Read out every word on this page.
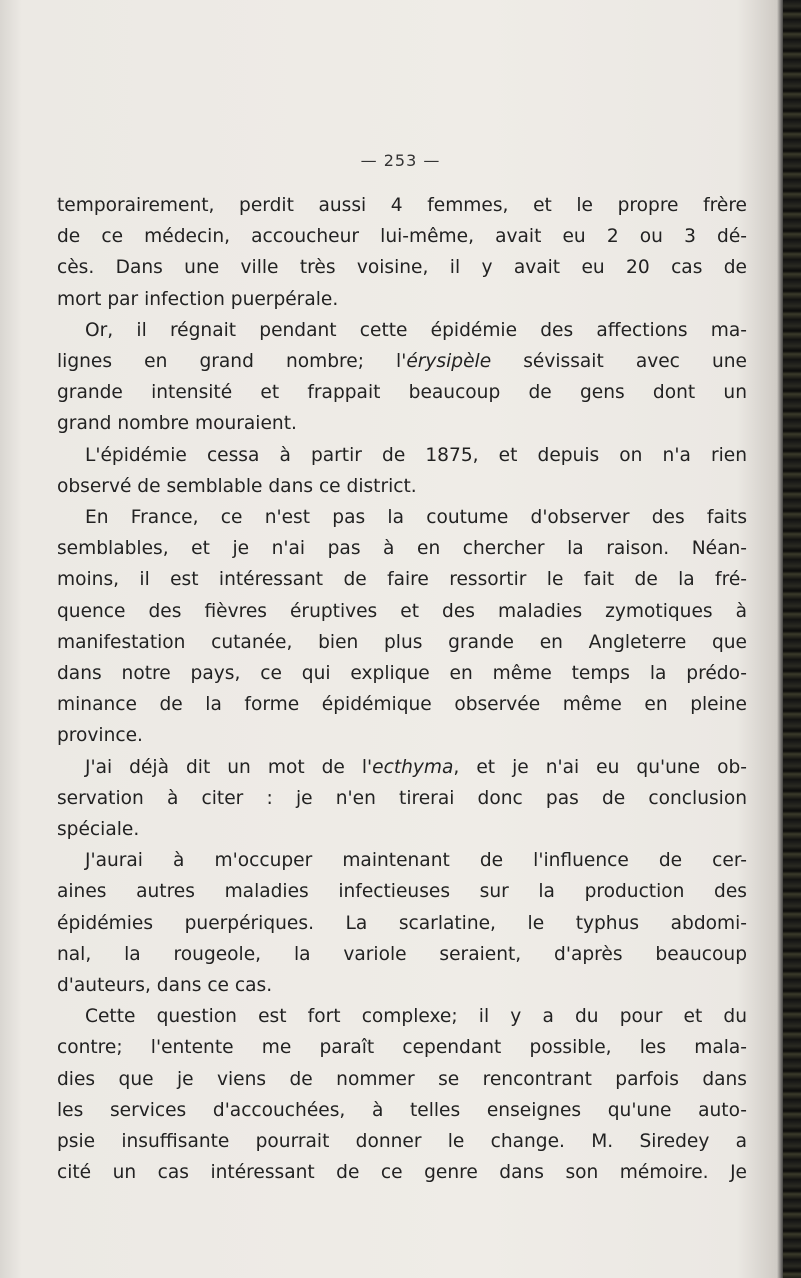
— 253 —
temporairement, perdit aussi 4 femmes, et le propre frère
de ce médecin, accoucheur lui-même, avait eu 2 ou 3 dé-
cès. Dans une ville très voisine, il y avait eu 20 cas de
mort par infection puerpérale.
Or, il régnait pendant cette épidémie des affections ma-
lignes en grand nombre; l'érysipèle sévissait avec une
grande intensité et frappait beaucoup de gens dont un
grand nombre mouraient.
L'épidémie cessa à partir de 1875, et depuis on n'a rien
observé de semblable dans ce district.
En France, ce n'est pas la coutume d'observer des faits
semblables, et je n'ai pas à en chercher la raison. Néan-
moins, il est intéressant de faire ressortir le fait de la fré-
quence des fièvres éruptives et des maladies zymotiques à
manifestation cutanée, bien plus grande en Angleterre que
dans notre pays, ce qui explique en même temps la prédo-
minance de la forme épidémique observée même en pleine
province.
J'ai déjà dit un mot de l'ecthyma, et je n'ai eu qu'une ob-
servation à citer : je n'en tirerai donc pas de conclusion
spéciale.
J'aurai à m'occuper maintenant de l'influence de cer-
aines autres maladies infectieuses sur la production des
épidémies puerpériques. La scarlatine, le typhus abdomi-
nal, la rougeole, la variole seraient, d'après beaucoup
d'auteurs, dans ce cas.
Cette question est fort complexe; il y a du pour et du
contre; l'entente me paraît cependant possible, les mala-
dies que je viens de nommer se rencontrant parfois dans
les services d'accouchées, à telles enseignes qu'une auto-
psie insuffisante pourrait donner le change. M. Siredey a
cité un cas intéressant de ce genre dans son mémoire. Je
